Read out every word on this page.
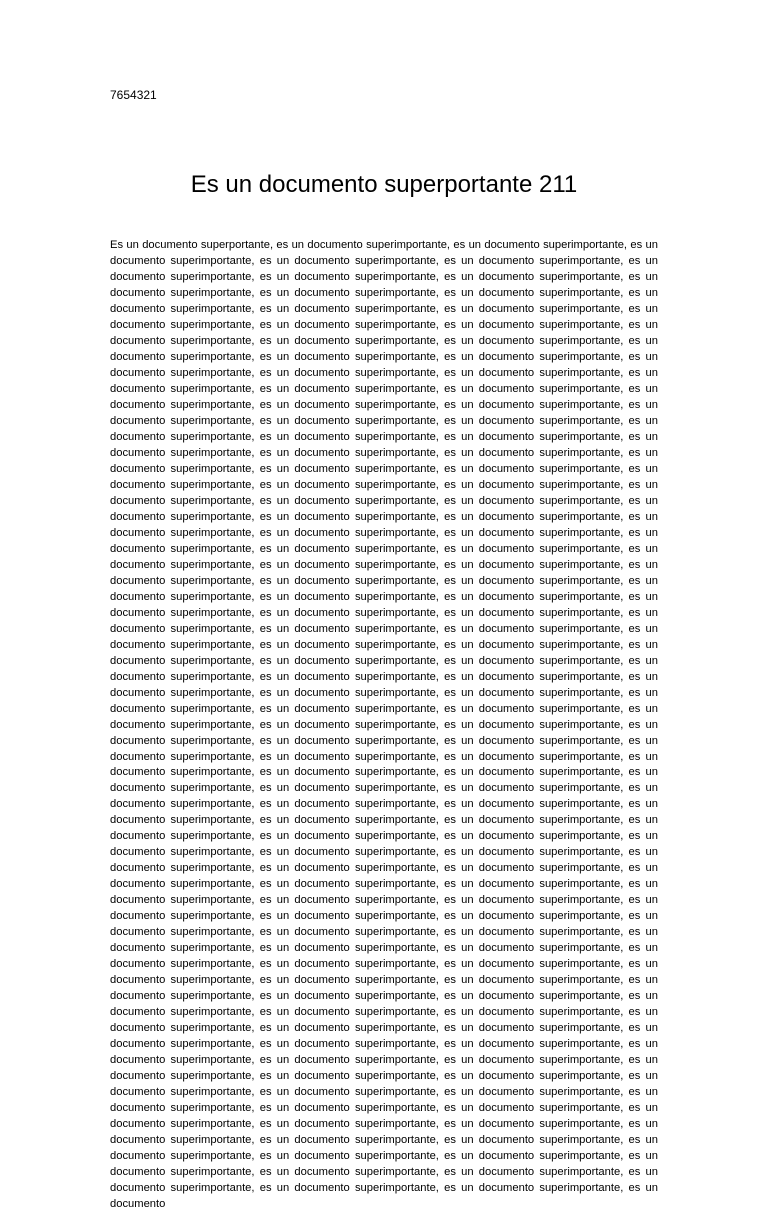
7654321
Es un documento superportante 211

Es un documento superportante, es un documento superimportante, es un documento superimportante, es un documento superimportante, es un documento superimportante, es un documento superimportante, es un documento superimportante, es un documento superimportante, es un documento superimportante, es un documento superimportante, es un documento superimportante, es un documento superimportante, es un documento superimportante, es un documento superimportante, es un documento superimportante, es un documento superimportante, es un documento superimportante, es un documento superimportante, es un documento superimportante, es un documento superimportante, es un documento superimportante, es un documento superimportante, es un documento superimportante, es un documento superimportante, es un documento superimportante, es un documento superimportante, es un documento superimportante, es un documento superimportante, es un documento superimportante, es un documento superimportante, es un documento superimportante, es un documento superimportante, es un documento superimportante, es un documento superimportante, es un documento superimportante, es un documento superimportante, es un documento superimportante, es un documento superimportante, es un documento superimportante, es un documento superimportante, es un documento superimportante, es un documento superimportante, es un documento superimportante, es un documento superimportante, es un documento superimportante, es un documento superimportante, es un documento superimportante, es un documento superimportante, es un documento superimportante, es un documento superimportante, es un documento superimportante, es un documento superimportante, es un documento superimportante, es un documento superimportante, es un documento superimportante, es un documento superimportante, es un documento superimportante, es un documento superimportante, es un documento superimportante, es un documento superimportante, es un documento superimportante, es un documento superimportante, es un documento superimportante, es un documento superimportante, es un documento superimportante, es un documento superimportante, es un documento superimportante, es un documento superimportante, es un documento superimportante, es un documento superimportante, es un documento superimportante, es un documento superimportante, es un documento superimportante, es un documento superimportante, es un documento superimportante, es un documento superimportante, es un documento superimportante, es un documento superimportante, es un documento superimportante, es un documento superimportante, es un documento superimportante, es un documento superimportante, es un documento superimportante, es un documento superimportante, es un documento superimportante, es un documento superimportante, es un documento superimportante, es un documento superimportante, es un documento superimportante, es un documento superimportante, es un documento superimportante, es un documento superimportante, es un documento superimportante, es un documento superimportante, es un documento superimportante, es un documento superimportante, es un documento superimportante, es un documento superimportante, es un documento superimportante, es un documento superimportante, es un documento superimportante, es un documento superimportante, es un documento superimportante, es un documento superimportante, es un documento superimportante, es un documento superimportante, es un documento superimportante, es un documento superimportante, es un documento superimportante, es un documento superimportante, es un documento superimportante, es un documento superimportante, es un documento superimportante, es un documento superimportante, es un documento superimportante, es un documento superimportante, es un documento superimportante, es un documento superimportante, es un documento superimportante, es un documento superimportante, es un documento superimportante, es un documento superimportante, es un documento superimportante, es un documento superimportante, es un documento superimportante, es un documento superimportante, es un documento superimportante, es un documento superimportante, es un documento superimportante, es un documento superimportante, es un documento superimportante, es un documento superimportante, es un documento superimportante, es un documento superimportante, es un documento superimportante, es un documento superimportante, es un documento superimportante, es un documento superimportante, es un documento superimportante, es un documento superimportante, es un documento superimportante, es un documento superimportante, es un documento superimportante, es un documento superimportante, es un documento superimportante, es un documento superimportante, es un documento superimportante, es un documento superimportante, es un documento superimportante, es un documento superimportante, es un documento superimportante, es un documento superimportante, es un documento superimportante, es un documento superimportante, es un documento superimportante, es un documento superimportante, es un documento superimportante, es un documento superimportante, es un documento superimportante, es un documento superimportante, es un documento superimportante, es un documento superimportante, es un documento superimportante, es un documento superimportante, es un documento superimportante, es un documento superimportante, es un documento superimportante, es un documento superimportante, es un documento superimportante, es un documento superimportante, es un documento superimportante, es un documento superimportante, es un documento superimportante, es un documento superimportante, es un documento superimportante, es un documento superimportante, es un documento superimportante, es un documento superimportante, es un documento superimportante, es un documento superimportante, es un documento
